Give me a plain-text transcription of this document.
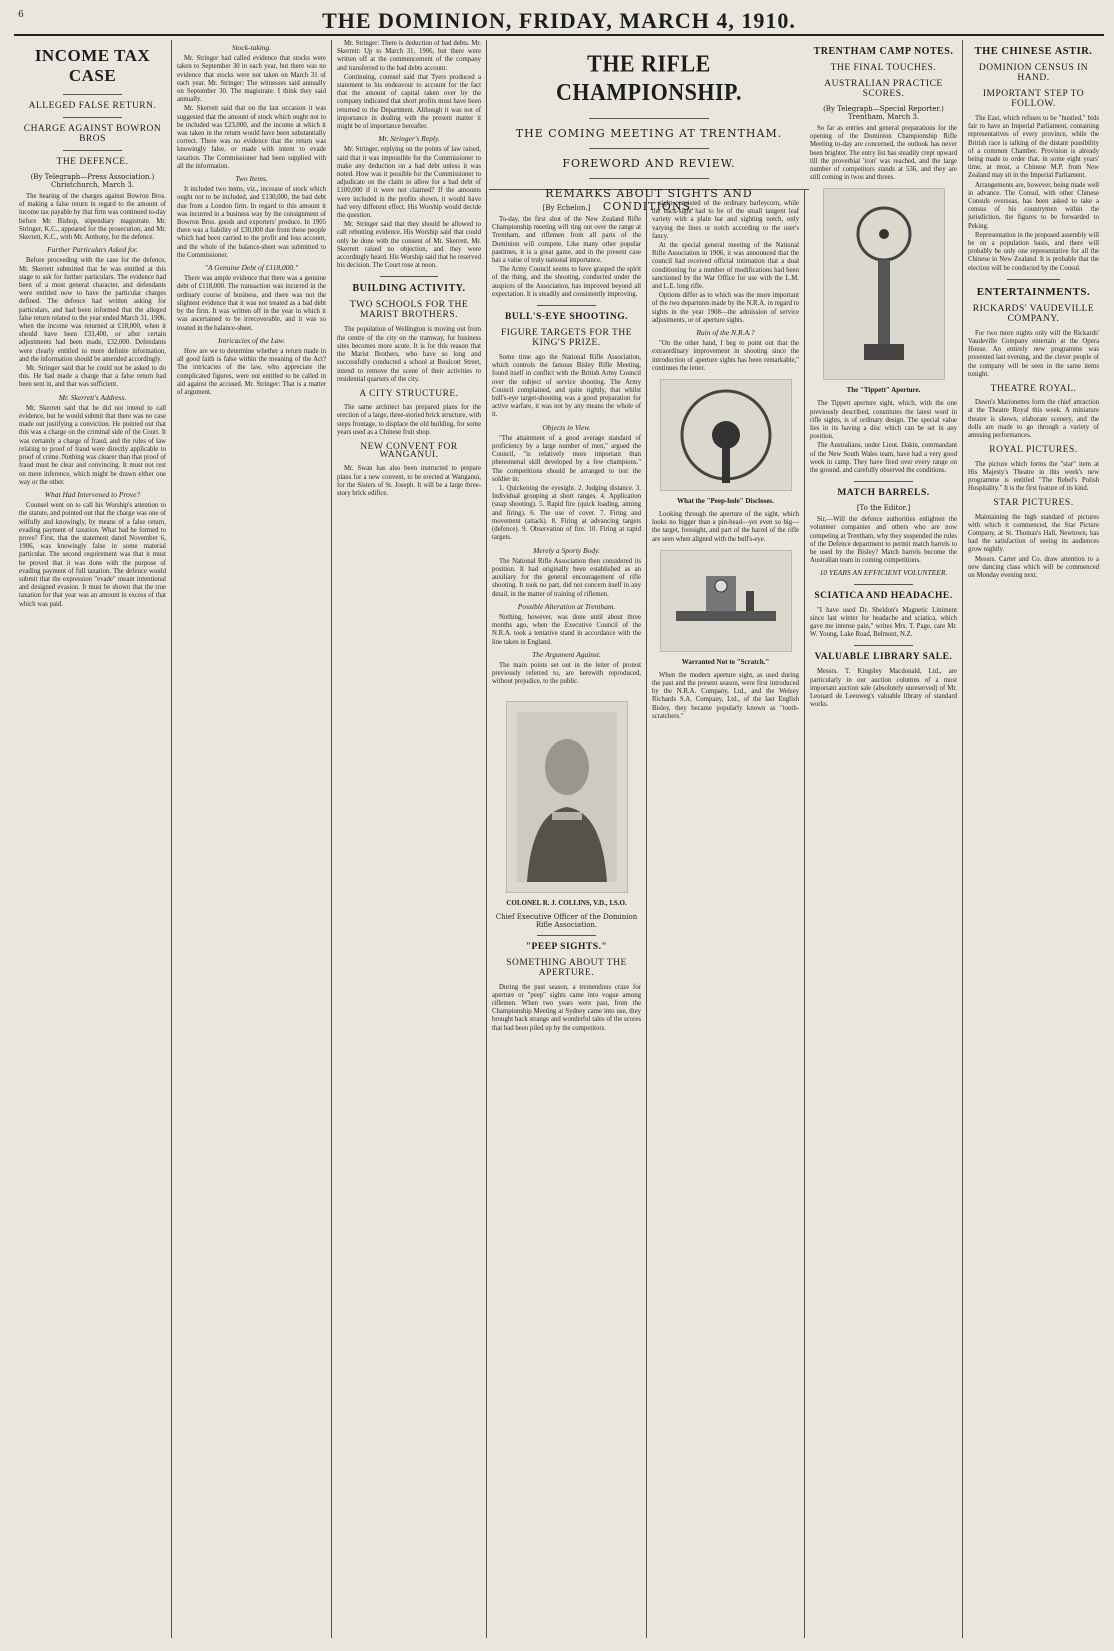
6	THE DOMINION, FRIDAY, MARCH 4, 1910.
THE RIFLE CHAMPIONSHIP.
THE COMING MEETING AT TRENTHAM.
FOREWORD AND REVIEW.
REMARKS ABOUT SIGHTS AND CONDITIONS.
INCOME TAX CASE
ALLEGED FALSE RETURN.
CHARGE AGAINST BOWRON BROS
THE DEFENCE.
(By Telegraph—Press Association.) Christchurch, March 3.

The hearing of the charges against Bowron Bros. of making a false return in regard to the amount of income tax payable by that firm was continued to-day before Mr. Bishop, stipendiary magistrate. Mr. Stringer, K.C., appeared for the prosecution, and Mr. Skerrett, K.C., with Mr. Anthony, for the defence.

Further Particulars Asked for.

Before proceeding with the case for the defence, Mr. Skerrett submitted that he was entitled at this stage to ask for further particulars. The evidence had been of a most general character, and defendants were entitled now to have the particular charges defined. The defence had written asking for particulars, and had been informed that the alleged false return related to the year ended March 31, 1906, when the income was returned at £18,000, when it should have been £33,400, or after certain adjustments had been made, £32,000. Defendants were clearly entitled to more definite information, and the information should be amended accordingly.

Mr. Stringer said that he could not be asked to do this. He had made a charge that a false return had been sent in, and that was sufficient.

Mr. Skerrett's Address.

Mr. Skerrett said that he did not intend to call evidence, but he would submit that there was no case made out justifying a conviction. He pointed out that this was a charge on the criminal side of the Court. It was certainly a charge of fraud, and the rules of law relating to proof of fraud were directly applicable to proof of crime. Nothing was clearer than that proof of fraud must be clear and convincing. It must not rest on mere inference, which might be drawn either one way or the other.

What Had Intervened to Prove?

Counsel went on to call his Worship's attention to the statute, and pointed out that the charge was one of wilfully and knowingly, by means of a false return, evading payment of taxation. What had he formed to prove? First, that the statement dated November 6, 1906, was knowingly false in some material particular. The second requirement was that it must be proved that it was done with the purpose of evading payment of full taxation. The defence would submit that the expression "evade" meant intentional and designed evasion. It must be shown that the true taxation for that year was an amount in excess of that which was paid.

Stock-taking.

Mr. Stringer had called evidence that stocks were taken to September 30 in each year, but there was no evidence that stocks were not taken on March 31 of each year. Mr. Stringer: The witnesses said annually on September 30. The magistrate: I think they said annually.

Mr. Skerrett said that on the last occasion it was suggested that the amount of stock which ought not to be included was £23,000, and the income at which it was taken in the return would have been substantially correct. There was no evidence that the return was knowingly false, or made with intent to evade taxation. The Commissioner had been supplied with all the information.

Two Items.

It included two items, viz., increase of stock which ought not to be included, and £130,000, the bad debt due from a London firm. In regard to this amount it was incurred in a business way by the consignment of Bowron Bros. goods and exporters' produce. In 1905 there was a liability of £30,000 due from these people which had been carried to the profit and loss account, and the whole of the balance-sheet was submitted to the Commissioner.

"A Genuine Debt of £118,000."

There was ample evidence that there was a genuine debt of £118,000. The transaction was incurred in the ordinary course of business, and there was not the slightest evidence that it was not treated as a bad debt by the firm. It was written off in the year in which it was ascertained to be irrecoverable, and it was so treated in the balance-sheet.

Intricacies of the Law.

How are we to determine whether a return made in all good faith is false within the meaning of the Act? The intricacies of the law, who appreciate the complicated figures, were not entitled to be called in aid against the accused. Mr. Stringer: That is a matter of argument.

Mr. Stringer: There is deduction of bad debts. Mr. Skerrett: Up to March 31, 1906, but there were written off at the commencement of the company and transferred to the bad debts account.

Continuing, counsel said that Tyers produced a statement to his endeavour to account for the fact that the amount of capital taken over by the company indicated that short profits must have been returned to the Department. Although it was not of importance in dealing with the present matter it might be of importance hereafter.

Mr. Stringer's Reply.

Mr. Stringer, replying on the points of law raised, said that it was impossible for the Commissioner to make any deduction on a bad debt unless it was noted. How was it possible for the Commissioner to adjudicate on the claim to allow for a bad debt of £100,000 if it were not claimed? If the amounts were included in the profits shown, it would have had very different effect. His Worship would decide the question.

Mr. Stringer said that they should be allowed to call rebutting evidence. His Worship said that could only be done with the consent of Mr. Skerrett. Mr. Skerrett raised no objection, and they were accordingly heard. His Worship said that he reserved his decision. The Court rose at noon.

BUILDING ACTIVITY.
TWO SCHOOLS FOR THE MARIST BROTHERS.

The population of Wellington is moving out from the centre of the city on the tramway, for business sites becomes more acute. It is for this reason that the Marist Brothers, who have so long and successfully conducted a school at Boulcott Street, intend to remove the scene of their activities to residential quarters of the city.

A CITY STRUCTURE.

The same architect has prepared plans for the erection of a large, three-storied brick structure, with steps frontage, to displace the old building, for some years used as a Chinese fruit shop.

NEW CONVENT FOR WANGANUI.

Mr. Swan has also been instructed to prepare plans for a new convent, to be erected at Wanganui, for the Sisters of St. Joseph. It will be a large three-story brick edifice.

[By Echelon.]

To-day, the first shot of the New Zealand Rifle Championship meeting will ring out over the range at Trentham, and riflemen from all parts of the Dominion will compete. Like many other popular pastimes, it is a great game, and in the present case has a value of truly national importance.

The Army Council seems to have grasped the spirit of the thing, and the shooting, conducted under the auspices of the Association, has improved beyond all expectation. It is steadily and consistently improving.

BULL'S-EYE SHOOTING.
FIGURE TARGETS FOR THE KING'S PRIZE.

Some time ago the National Rifle Association, which controls the famous Bisley Rifle Meeting, found itself in conflict with the British Army Council over the subject of service shooting. The Army Council complained, and quite rightly, that whilst bull's-eye target-shooting was a good preparation for active warfare, it was not by any means the whole of it.

Objects in View.

"The attainment of a good average standard of proficiency by a large number of men," argued the Council, "is relatively more important than phenomenal skill developed by a few champions." The competitions should be arranged to test the soldier in:

1. Quickening the eyesight. 2. Judging distance. 3. Individual grouping at short ranges. 4. Application (snap shooting). 5. Rapid fire (quick loading, aiming and firing). 6. The use of cover. 7. Firing and movement (attack). 8. Firing at advancing targets (defence). 9. Observation of fire. 10. Firing at rapid targets.

Merely a Sporty Body.

The National Rifle Association then considered its position. It had originally been established as an auxiliary for the general encouragement of rifle shooting. It took no part, did not concern itself in any detail, in the matter of training of riflemen.

Possible Alteration at Trentham.

Nothing, however, was done until about three months ago, when the Executive Council of the N.R.A. took a tentative stand in accordance with the line taken in England.

The Argument Against.

The main points set out in the letter of protest previously referred to, are herewith reproduced, without prejudice, to the public.

COLONEL R. J. COLLINS, V.D., I.S.O.
Chief Executive Officer of the Dominion Rifle Association.
"PEEP SIGHTS."
SOMETHING ABOUT THE APERTURE.

During the past season, a tremendous craze for aperture or "peep" sights came into vogue among riflemen. When two years were past, from the Championship Meeting at Sydney came into use, they brought back strange and wonderful tales of the scores that had been piled up by the competitors.

sight consisted of the ordinary barleycorn, while the back-sight had to be of the small tangent leaf variety with a plain bar and sighting notch, only varying the lines or notch according to the user's fancy.

At the special general meeting of the National Rifle Association in 1906, it was announced that the council had received official intimation that a dual conditioning for a number of modifications had been sanctioned by the War Office for use with the L.M. and L.E. long rifle.

Options differ as to which was the more important of the two departures made by the N.R.A. in regard to sights in the year 1908—the admission of service adjustments, or of aperture sights.

Ruin of the N.R.A.?

"On the other hand, I beg to point out that the extraordinary improvement in shooting since the introduction of aperture sights has been remarkable," continues the letter.

What the "Peep-hole" Discloses.

Looking through the aperture of the sight, which looks no bigger than a pin-head—yet even so big—the target, foresight, and part of the barrel of the rifle are seen when aligned with the bull's-eye.

Warranted Not to "Scratch."

When the modern aperture sight, as used during the past and the present season, were first introduced by the N.R.A. Company, Ltd., and the Welsey Richards S.A. Company, Ltd., of the last English Bisley, they became popularly known as "tooth-scratchers."

TRENTHAM CAMP NOTES.
THE FINAL TOUCHES.
AUSTRALIAN PRACTICE SCORES.
(By Telegraph—Special Reporter.) Trentham, March 3.

So far as entries and general preparations for the opening of the Dominion Championship Rifle Meeting to-day are concerned, the outlook has never been brighter. The entry list has steadily crept upward till the proverbial 'iron' was reached, and the large number of competitors stands at 536, and they are still coming in twos and threes.

The "Tippett" Aperture.

The Tippett aperture sight, which, with the one previously described, constitutes the latest word in rifle sights, is of ordinary design. The special value lies in its having a disc which can be set in any position.

The Australians, under Lieut. Dakin, commandant of the New South Wales team, have had a very good week in camp. They have fired over every range on the ground, and carefully observed the conditions.

MATCH BARRELS.
[To the Editor.]

Sir,—Will the defence authorities enlighten the volunteer companies and others who are now competing at Trentham, why they suspended the rules of the Defence department to permit match barrels to be used by the Bisley? Match barrels become the Australian team in coming competitions.

10 YEARS AN EFFICIENT VOLUNTEER.
SCIATICA AND HEADACHE.

"I have used Dr. Sheldon's Magnetic Liniment since last winter for headache and sciatica, which gave me intense pain," writes Mrs. T. Page, care Mr. W. Young, Lake Road, Belmont, N.Z.

VALUABLE LIBRARY SALE.

Messrs. T. Kingsley Macdonald, Ltd., are particularly in our auction columns of a most important auction sale (absolutely unreserved) of Mr. Leonard de Leeuweg's valuable library of standard works.

THE CHINESE ASTIR.
DOMINION CENSUS IN HAND.
IMPORTANT STEP TO FOLLOW.

The East, which refuses to be "hustled," bids fair to have an Imperial Parliament, containing representatives of every province, while the British race is talking of the distant possibility of a common Chamber. Provision is already being made to order that, in some eight years' time, at most, a Chinese M.P. from New Zealand may sit in the Imperial Parliament.

Arrangements are, however, being made well in advance. The Consul, with other Chinese Consuls overseas, has been asked to take a census of his countrymen within the jurisdiction, the figures to be forwarded to Peking.

Representation in the proposed assembly will be on a population basis, and there will probably be only one representative for all the Chinese in New Zealand. It is probable that the election will be conducted by the Consul.

ENTERTAINMENTS.
RICKARDS' VAUDEVILLE COMPANY.

For two more nights only will the Rickards' Vaudeville Company entertain at the Opera House. An entirely new programme was presented last evening, and the clever people of the company will be seen in the same items tonight.

THEATRE ROYAL.

Dawn's Marionettes form the chief attraction at the Theatre Royal this week. A miniature theatre is shown, elaborate scenery, and the dolls are made to go through a variety of amusing performances.

ROYAL PICTURES.

The picture which forms the "star" item at His Majesty's Theatre in this week's new programme is entitled "The Rebel's Polish Hospitality." It is the first feature of its kind.

STAR PICTURES.

Maintaining the high standard of pictures with which it commenced, the Star Picture Company, at St. Thomas's Hall, Newtown, has had the satisfaction of seeing its audiences grow nightly.

Messrs. Carter and Co. draw attention to a new dancing class which will be commenced on Monday evening next.
